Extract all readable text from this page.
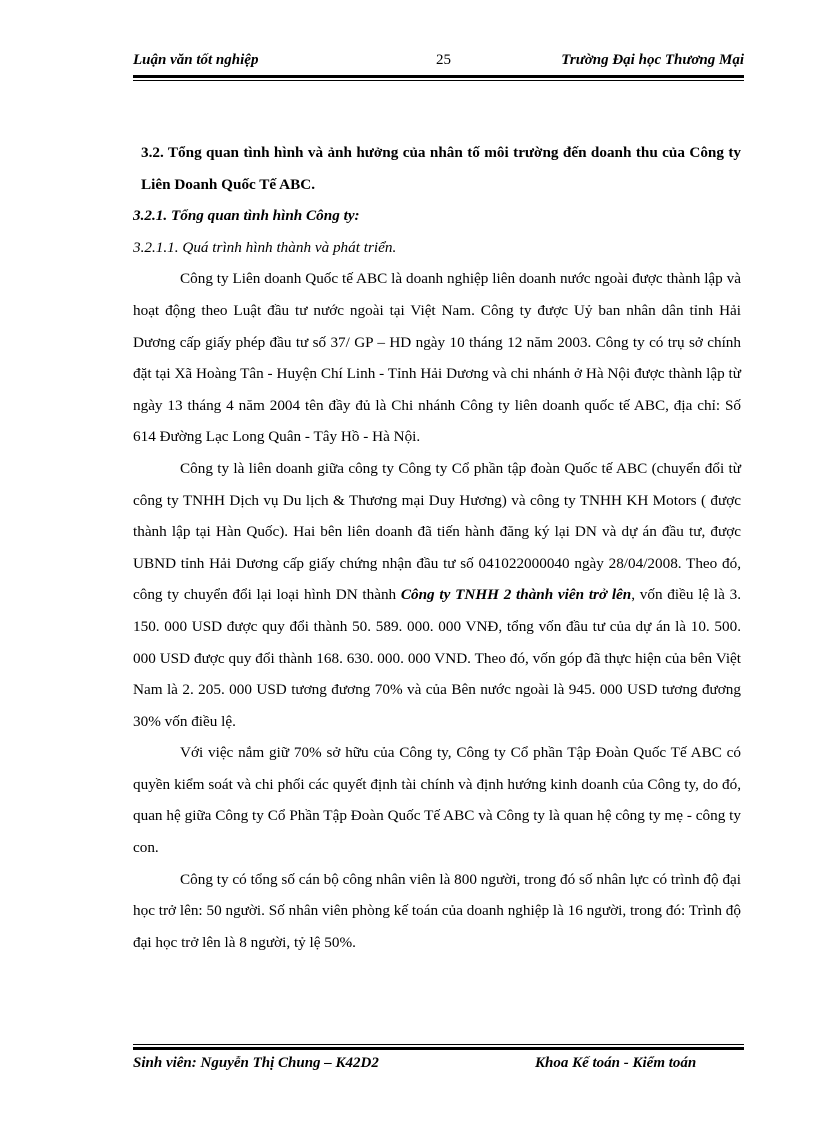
Luận văn tốt nghiệp	25	Trường Đại học Thương Mại

3.2. Tổng quan tình hình và ảnh hưởng của nhân tố môi trường đến doanh thu của Công ty Liên Doanh Quốc Tế ABC.

3.2.1. Tổng quan tình hình Công ty:

3.2.1.1. Quá trình hình thành và phát triển.

Công ty Liên doanh Quốc tế ABC là doanh nghiệp liên doanh nước ngoài được thành lập và hoạt động theo Luật đầu tư nước ngoài tại Việt Nam. Công ty được Uỷ ban nhân dân tỉnh Hải Dương cấp giấy phép đầu tư số 37/ GP – HD ngày 10 tháng 12 năm 2003. Công ty có trụ sở chính đặt tại Xã Hoàng Tân - Huyện Chí Linh - Tỉnh Hải Dương và chi nhánh ở Hà Nội được thành lập từ ngày 13 tháng 4 năm 2004 tên đầy đủ là Chi nhánh Công ty liên doanh quốc tế ABC, địa chỉ: Số 614 Đường Lạc Long Quân - Tây Hồ - Hà Nội.

Công ty là liên doanh giữa công ty Công ty Cổ phần tập đoàn Quốc tế ABC (chuyển đổi từ công ty TNHH Dịch vụ Du lịch & Thương mại Duy Hương) và công ty TNHH KH Motors ( được thành lập tại Hàn Quốc). Hai bên liên doanh đã tiến hành đăng ký lại DN và dự án đầu tư, được UBND tỉnh Hải Dương cấp giấy chứng nhận đầu tư số 041022000040 ngày 28/04/2008. Theo đó, công ty chuyển đổi lại loại hình DN thành Công ty TNHH 2 thành viên trở lên, vốn điều lệ là 3. 150. 000 USD được quy đổi thành 50. 589. 000. 000 VNĐ, tổng vốn đầu tư của dự án là 10. 500. 000 USD được quy đổi thành 168. 630. 000. 000 VND. Theo đó, vốn góp đã thực hiện của bên Việt Nam là 2. 205. 000 USD tương đương 70% và của Bên nước ngoài là 945. 000 USD tương đương 30% vốn điều lệ.

Với việc nắm giữ 70% sở hữu của Công ty, Công ty Cổ phần Tập Đoàn Quốc Tế ABC có quyền kiểm soát và chi phối các quyết định tài chính và định hướng kinh doanh của Công ty, do đó, quan hệ giữa Công ty Cổ Phần Tập Đoàn Quốc Tế ABC và Công ty là quan hệ công ty mẹ - công ty con.

Công ty có tổng số cán bộ công nhân viên là 800 người, trong đó số nhân lực có trình độ đại học trở lên: 50 người. Số nhân viên phòng kế toán của doanh nghiệp là 16 người, trong đó: Trình độ đại học trở lên là 8 người, tỷ lệ 50%.

Sinh viên: Nguyễn Thị Chung – K42D2	Khoa Kế toán - Kiểm toán
